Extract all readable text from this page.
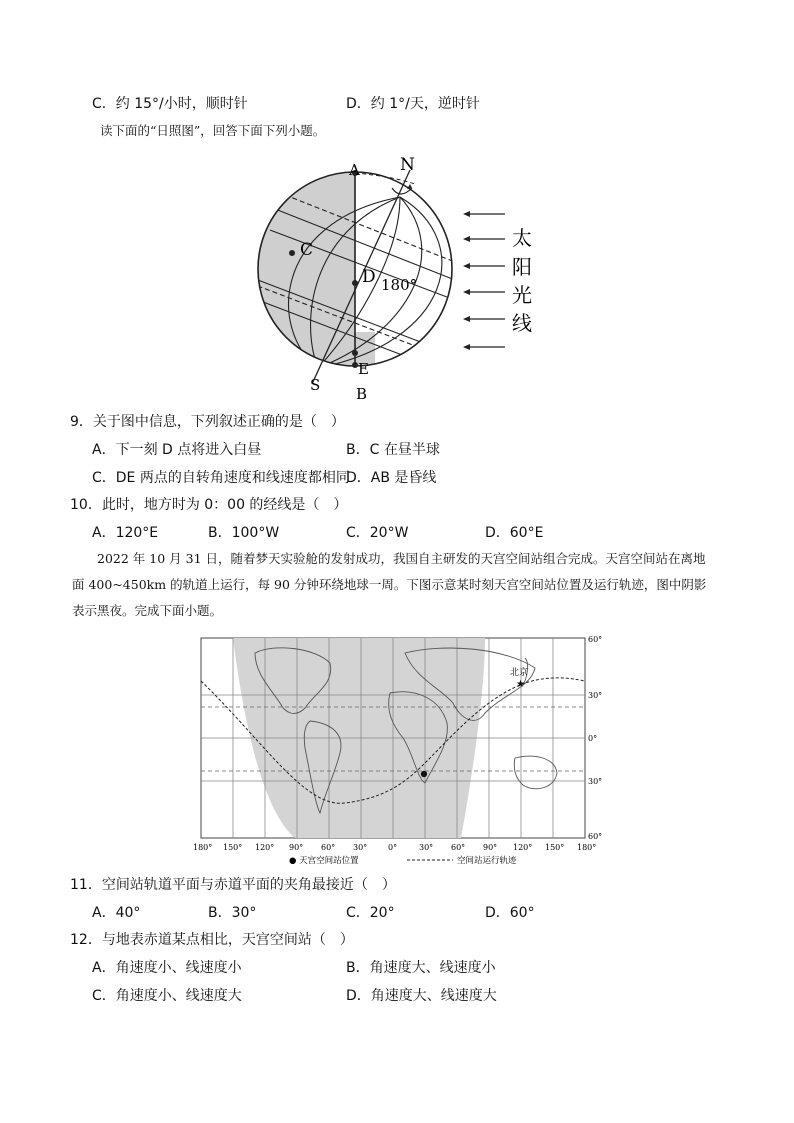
C．约 15°/小时，顺时针	D．约 1°/天，逆时针
读下面的“日照图”，回答下面下列小题。
N
A
C
D 180°
E
S B
太
阳
光
线
9．关于图中信息，下列叙述正确的是（　）
A．下一刻 D 点将进入白昼	B．C 在昼半球
C．DE 两点的自转角速度和线速度都相同
D．AB 是昏线
10．此时，地方时为 0：00 的经线是（　）
A．120°E	B．100°W	C．20°W	D．60°E
2022 年 10 月 31 日，随着梦天实验舱的发射成功，我国自主研发的天宫空间站组合完成。天宫空间站在离地面 400~450km 的轨道上运行，每 90 分钟环绕地球一周。下图示意某时刻天宫空间站位置及运行轨迹，图中阴影表示黑夜。完成下面小题。
★
北京
60°
30°
0°
30°
60°
180° 150° 120° 90° 60° 30°	0°	30° 60° 90° 120° 150° 180°
● 天宫空间站位置	空间站运行轨迹
11．空间站轨道平面与赤道平面的夹角最接近（　）
A．40°	B．30°	C．20°	D．60°
12．与地表赤道某点相比，天宫空间站（　）
A．角速度小、线速度小	B．角速度大、线速度小
C．角速度小、线速度大	D．角速度大、线速度大
